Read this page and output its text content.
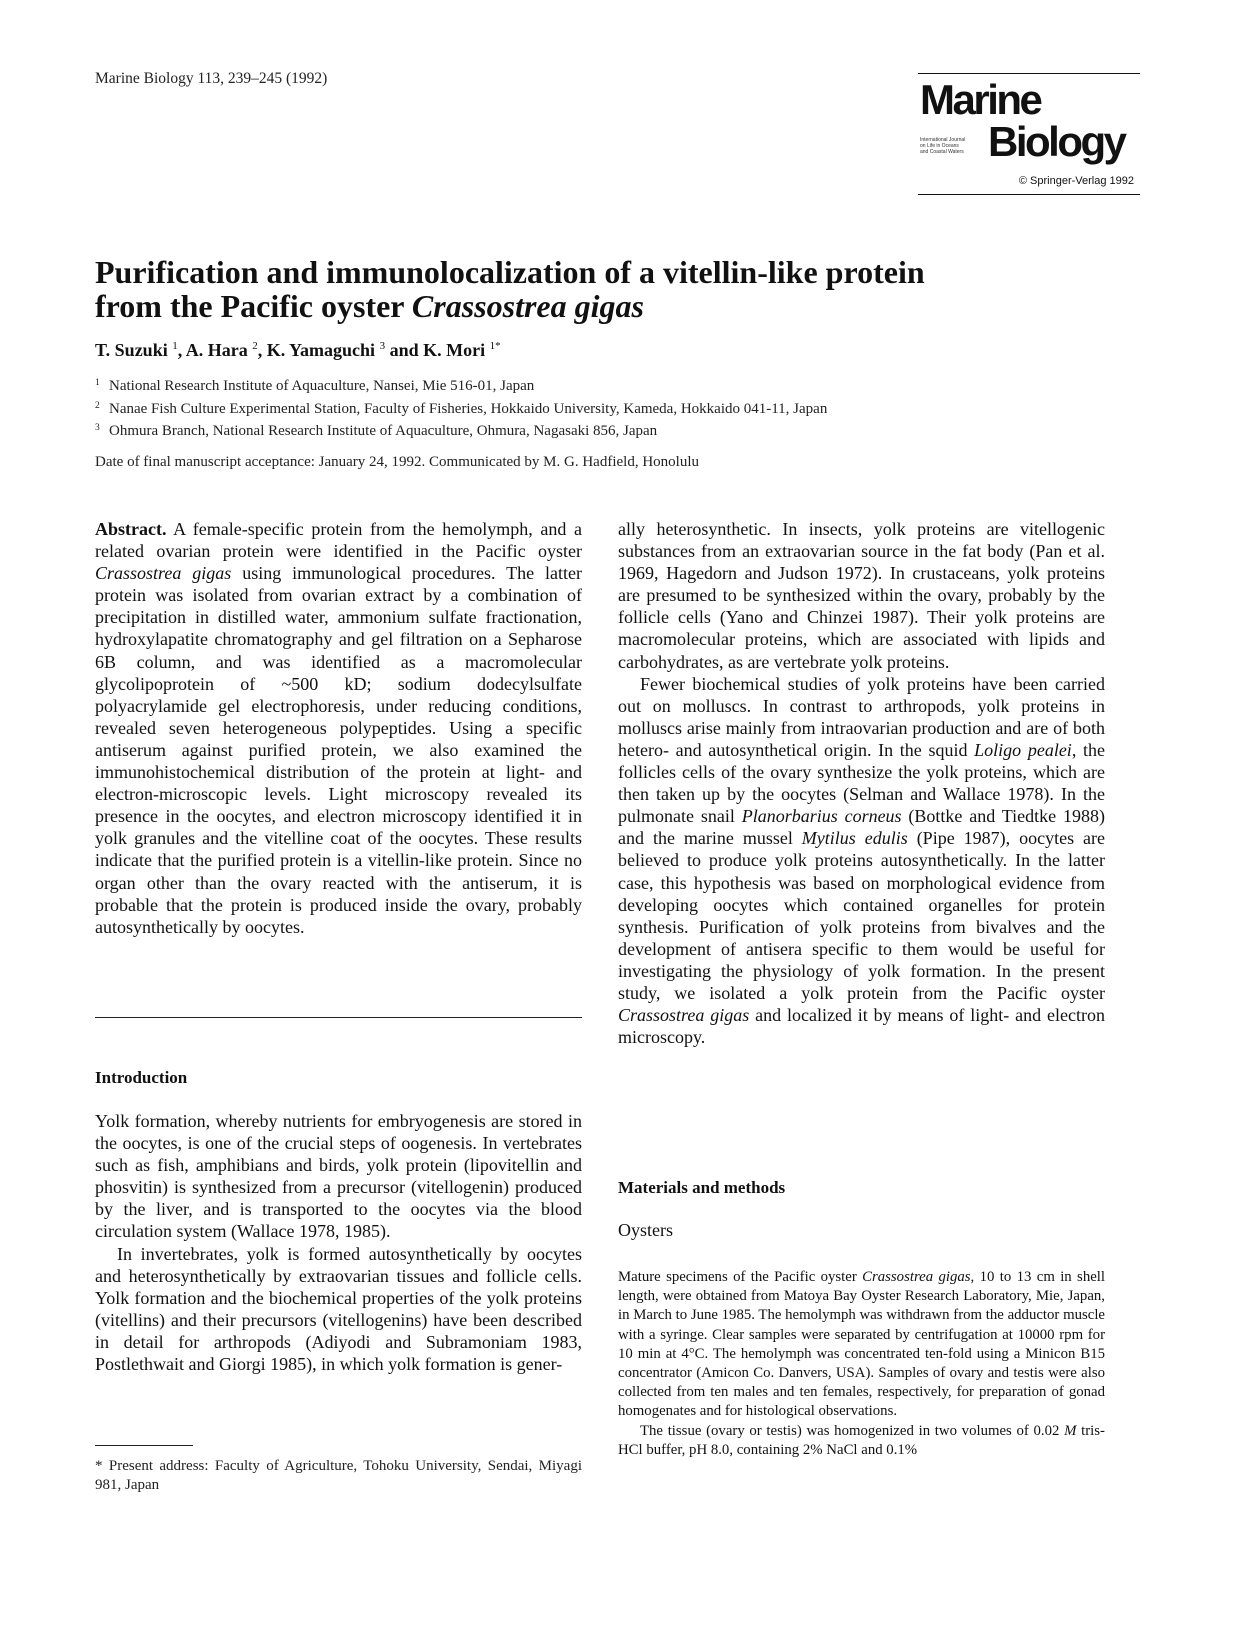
Marine Biology 113, 239–245 (1992)	Marine
International Journal
on Life in Oceans
and Coastal Waters Biology
© Springer-Verlag 1992
Purification and immunolocalization of a vitellin-like protein
from the Pacific oyster Crassostrea gigas
T. Suzuki $^1$, A. Hara $^2$, K. Yamaguchi $^3$ and K. Mori $^{1*}$
$^1$ National Research Institute of Aquaculture, Nansei, Mie 516-01, Japan
$^2$ Nanae Fish Culture Experimental Station, Faculty of Fisheries, Hokkaido University, Kameda, Hokkaido 041-11, Japan
$^3$ Ohmura Branch, National Research Institute of Aquaculture, Ohmura, Nagasaki 856, Japan
Date of final manuscript acceptance: January 24, 1992. Communicated by M. G. Hadfield, Honolulu

Abstract. A female-specific protein from the hemolymph, and a related ovarian protein were identified in the Pacific oyster Crassostrea gigas using immunological procedures. The latter protein was isolated from ovarian extract by a combination of precipitation in distilled water, ammonium sulfate fractionation, hydroxylapatite chromatography and gel filtration on a Sepharose 6B column, and was identified as a macromolecular glycolipoprotein of ~500 kD; sodium dodecylsulfate polyacrylamide gel electrophoresis, under reducing conditions, revealed seven heterogeneous polypeptides. Using a specific antiserum against purified protein, we also examined the immunohistochemical distribution of the protein at light- and electron-microscopic levels. Light microscopy revealed its presence in the oocytes, and electron microscopy identified it in yolk granules and the vitelline coat of the oocytes. These results indicate that the purified protein is a vitellin-like protein. Since no organ other than the ovary reacted with the antiserum, it is probable that the protein is produced inside the ovary, probably autosynthetically by oocytes.

Introduction

Yolk formation, whereby nutrients for embryogenesis are stored in the oocytes, is one of the crucial steps of oogenesis. In vertebrates such as fish, amphibians and birds, yolk protein (lipovitellin and phosvitin) is synthesized from a precursor (vitellogenin) produced by the liver, and is transported to the oocytes via the blood circulation system (Wallace 1978, 1985).

In invertebrates, yolk is formed autosynthetically by oocytes and heterosynthetically by extraovarian tissues and follicle cells. Yolk formation and the biochemical properties of the yolk proteins (vitellins) and their precursors (vitellogenins) have been described in detail for arthropods (Adiyodi and Subramoniam 1983, Postlethwait and Giorgi 1985), in which yolk formation is gener-

* Present address: Faculty of Agriculture, Tohoku University, Sendai, Miyagi 981, Japan

ally heterosynthetic. In insects, yolk proteins are vitellogenic substances from an extraovarian source in the fat body (Pan et al. 1969, Hagedorn and Judson 1972). In crustaceans, yolk proteins are presumed to be synthesized within the ovary, probably by the follicle cells (Yano and Chinzei 1987). Their yolk proteins are macromolecular proteins, which are associated with lipids and carbohydrates, as are vertebrate yolk proteins.

Fewer biochemical studies of yolk proteins have been carried out on molluscs. In contrast to arthropods, yolk proteins in molluscs arise mainly from intraovarian production and are of both hetero- and autosynthetical origin. In the squid Loligo pealei, the follicles cells of the ovary synthesize the yolk proteins, which are then taken up by the oocytes (Selman and Wallace 1978). In the pulmonate snail Planorbarius corneus (Bottke and Tiedtke 1988) and the marine mussel Mytilus edulis (Pipe 1987), oocytes are believed to produce yolk proteins autosynthetically. In the latter case, this hypothesis was based on morphological evidence from developing oocytes which contained organelles for protein synthesis. Purification of yolk proteins from bivalves and the development of antisera specific to them would be useful for investigating the physiology of yolk formation. In the present study, we isolated a yolk protein from the Pacific oyster Crassostrea gigas and localized it by means of light- and electron microscopy.

Materials and methods
Oysters

Mature specimens of the Pacific oyster Crassostrea gigas, 10 to 13 cm in shell length, were obtained from Matoya Bay Oyster Research Laboratory, Mie, Japan, in March to June 1985. The hemolymph was withdrawn from the adductor muscle with a syringe. Clear samples were separated by centrifugation at 10000 rpm for 10 min at 4°C. The hemolymph was concentrated ten-fold using a Minicon B15 concentrator (Amicon Co. Danvers, USA). Samples of ovary and testis were also collected from ten males and ten females, respectively, for preparation of gonad homogenates and for histological observations.

The tissue (ovary or testis) was homogenized in two volumes of 0.02 M tris-HCl buffer, pH 8.0, containing 2% NaCl and 0.1%
